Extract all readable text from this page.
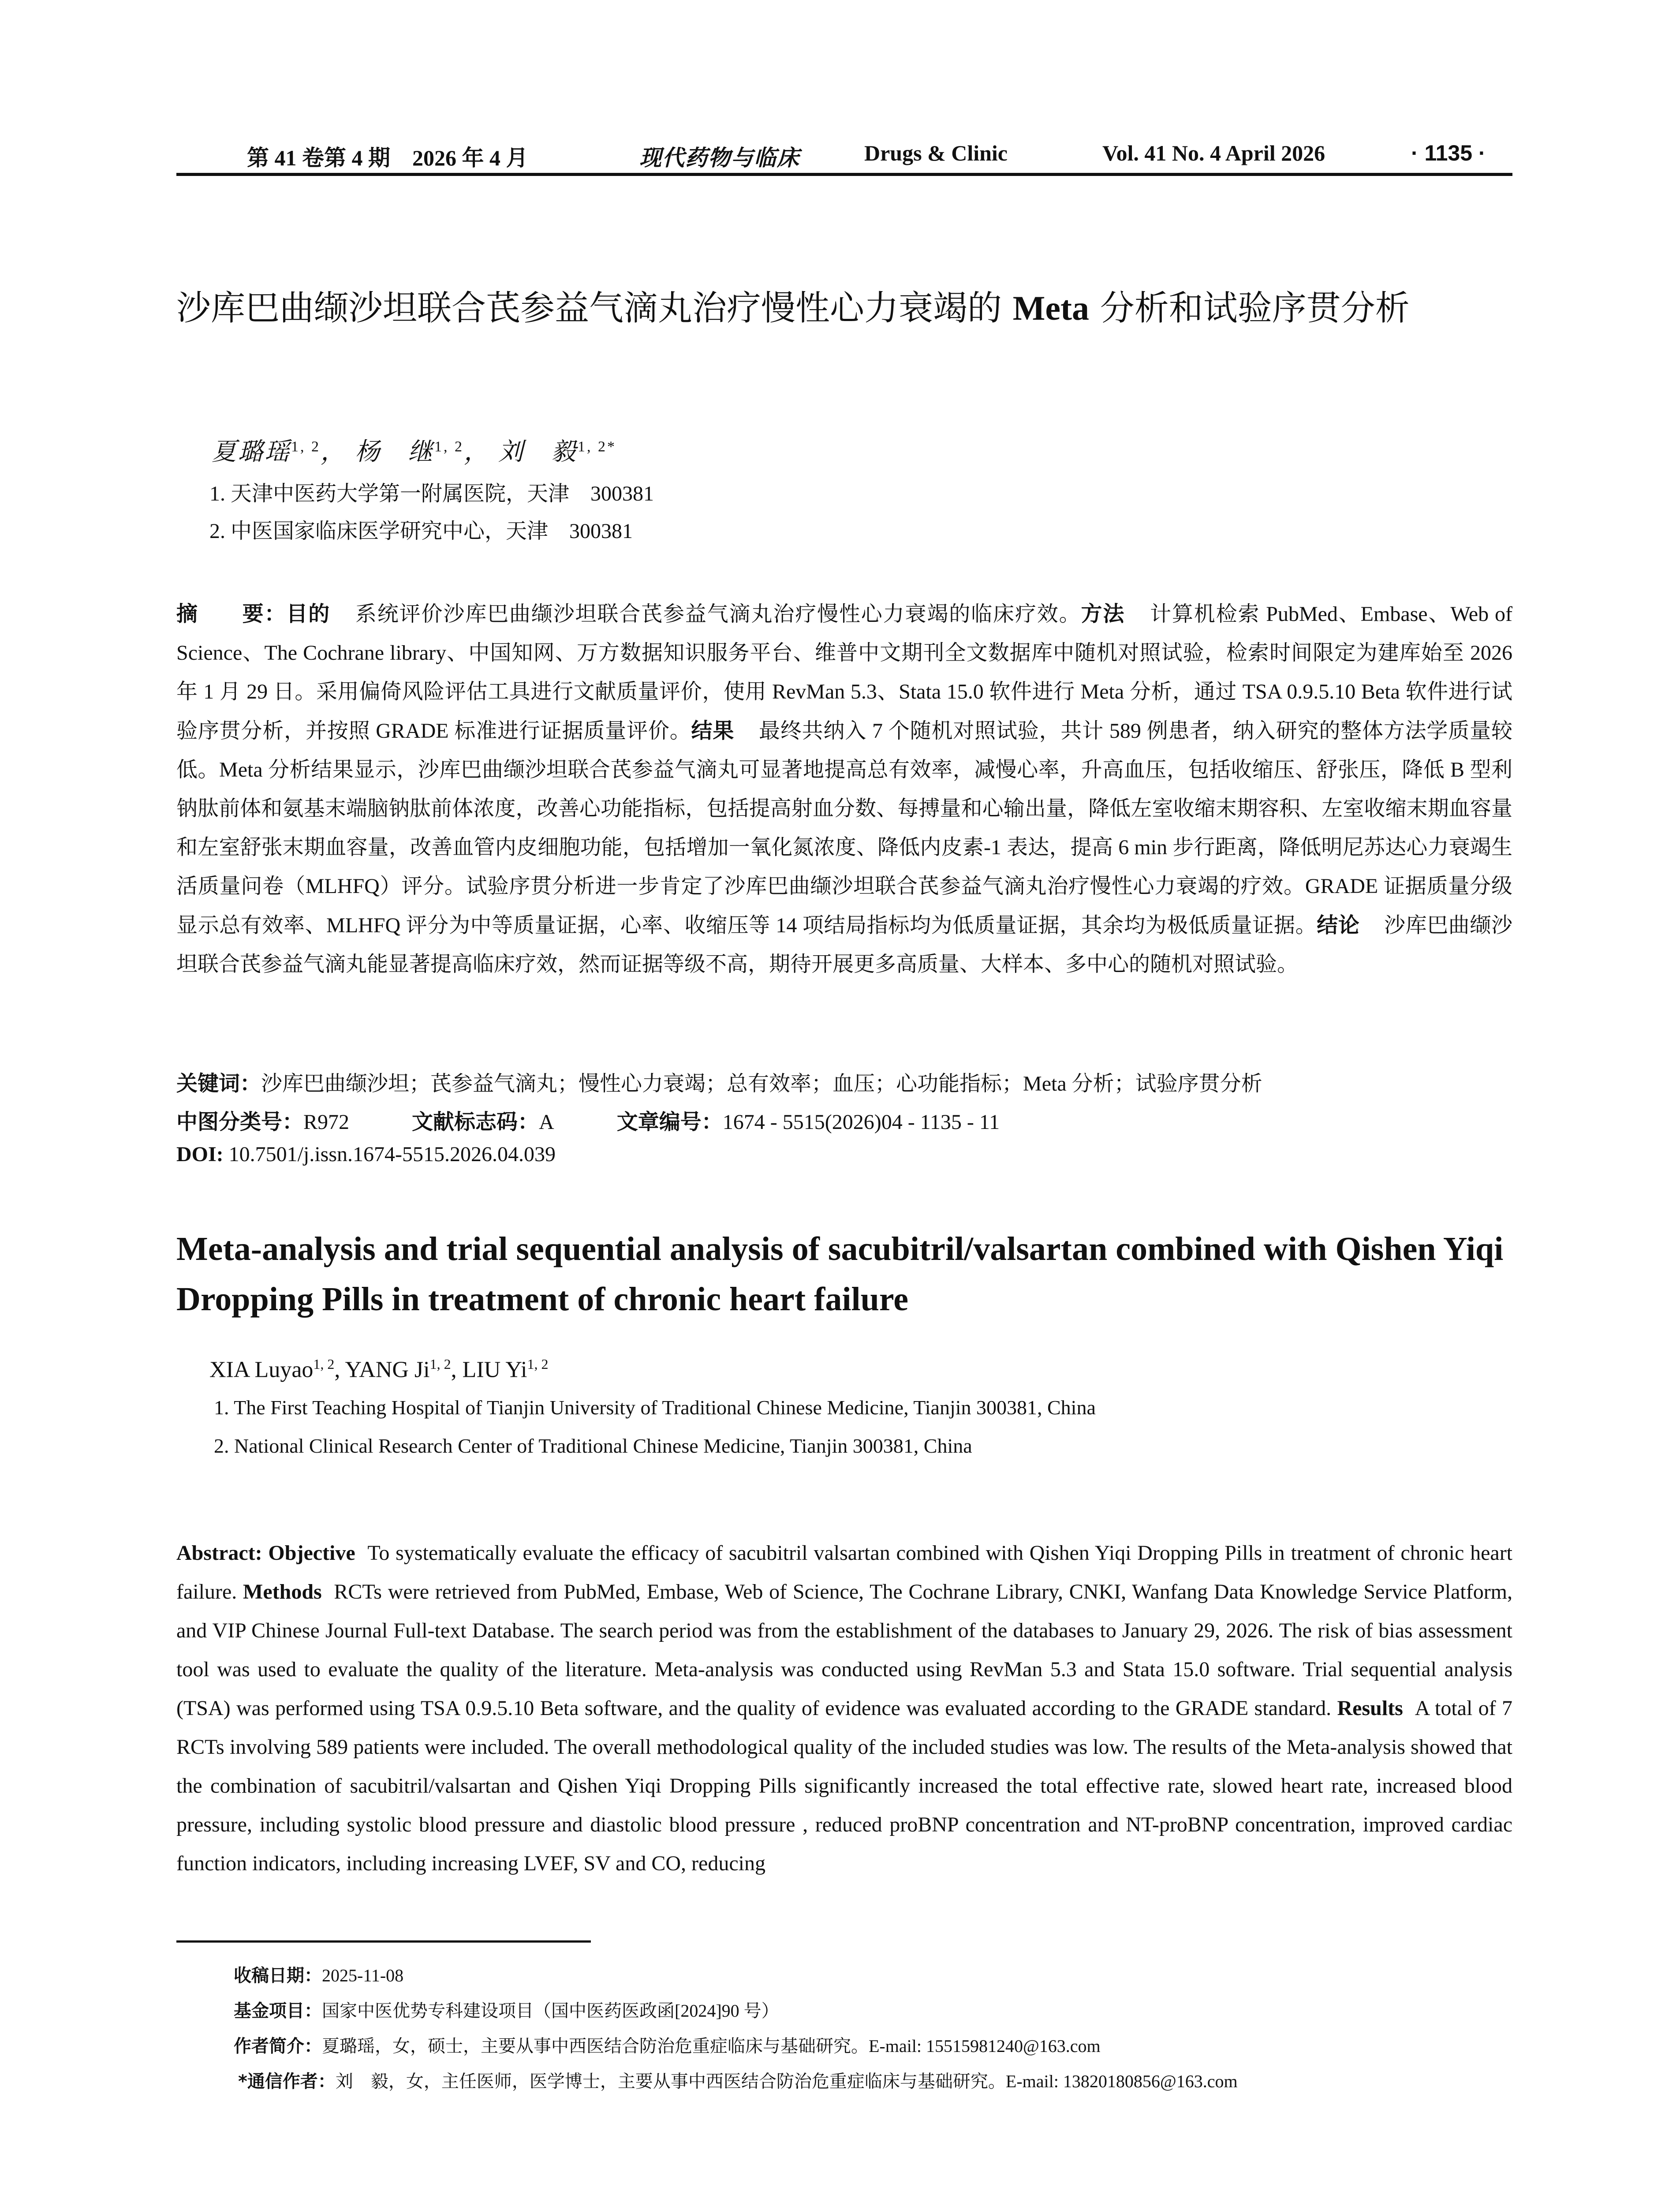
第 41 卷第 4 期　2026 年 4 月	现代药物与临床	Drugs & Clinic	Vol. 41 No. 4 April 2026	· 1135 ·
沙库巴曲缬沙坦联合芪参益气滴丸治疗慢性心力衰竭的 Meta 分析和试验序贯分析
夏璐瑶$^{1, 2}$， 杨　继$^{1, 2}$， 刘　毅$^{1, 2*}$
1. 天津中医药大学第一附属医院，天津　300381
2. 中医国家临床医学研究中心，天津　300381
摘　　要：目的 系统评价沙库巴曲缬沙坦联合芪参益气滴丸治疗慢性心力衰竭的临床疗效。方法 计算机检索 PubMed、Embase、Web of Science、The Cochrane library、中国知网、万方数据知识服务平台、维普中文期刊全文数据库中随机对照试验，检索时间限定为建库始至 2026 年 1 月 29 日。采用偏倚风险评估工具进行文献质量评价，使用 RevMan 5.3、Stata 15.0 软件进行 Meta 分析，通过 TSA 0.9.5.10 Beta 软件进行试验序贯分析，并按照 GRADE 标准进行证据质量评价。结果 最终共纳入 7 个随机对照试验，共计 589 例患者，纳入研究的整体方法学质量较低。Meta 分析结果显示，沙库巴曲缬沙坦联合芪参益气滴丸可显著地提高总有效率，减慢心率，升高血压，包括收缩压、舒张压，降低 B 型利钠肽前体和氨基末端脑钠肽前体浓度，改善心功能指标，包括提高射血分数、每搏量和心输出量，降低左室收缩末期容积、左室收缩末期血容量和左室舒张末期血容量，改善血管内皮细胞功能，包括增加一氧化氮浓度、降低内皮素-1 表达，提高 6 min 步行距离，降低明尼苏达心力衰竭生活质量问卷（MLHFQ）评分。试验序贯分析进一步肯定了沙库巴曲缬沙坦联合芪参益气滴丸治疗慢性心力衰竭的疗效。GRADE 证据质量分级显示总有效率、MLHFQ 评分为中等质量证据，心率、收缩压等 14 项结局指标均为低质量证据，其余均为极低质量证据。结论 沙库巴曲缬沙坦联合芪参益气滴丸能显著提高临床疗效，然而证据等级不高，期待开展更多高质量、大样本、多中心的随机对照试验。
关键词：沙库巴曲缬沙坦；芪参益气滴丸；慢性心力衰竭；总有效率；血压；心功能指标；Meta 分析；试验序贯分析
中图分类号：R972	文献标志码：A	文章编号：1674 - 5515(2026)04 - 1135 - 11
DOI: 10.7501/j.issn.1674-5515.2026.04.039
Meta-analysis and trial sequential analysis of sacubitril/valsartan combined with Qishen Yiqi Dropping Pills in treatment of chronic heart failure
XIA Luyao$^{1, 2}$, YANG Ji$^{1, 2}$, LIU Yi$^{1, 2}$
1. The First Teaching Hospital of Tianjin University of Traditional Chinese Medicine, Tianjin 300381, China
2. National Clinical Research Center of Traditional Chinese Medicine, Tianjin 300381, China
Abstract: Objective To systematically evaluate the efficacy of sacubitril valsartan combined with Qishen Yiqi Dropping Pills in treatment of chronic heart failure. Methods RCTs were retrieved from PubMed, Embase, Web of Science, The Cochrane Library, CNKI, Wanfang Data Knowledge Service Platform, and VIP Chinese Journal Full-text Database. The search period was from the establishment of the databases to January 29, 2026. The risk of bias assessment tool was used to evaluate the quality of the literature. Meta-analysis was conducted using RevMan 5.3 and Stata 15.0 software. Trial sequential analysis (TSA) was performed using TSA 0.9.5.10 Beta software, and the quality of evidence was evaluated according to the GRADE standard. Results A total of 7 RCTs involving 589 patients were included. The overall methodological quality of the included studies was low. The results of the Meta-analysis showed that the combination of sacubitril/valsartan and Qishen Yiqi Dropping Pills significantly increased the total effective rate, slowed heart rate, increased blood pressure, including systolic blood pressure and diastolic blood pressure , reduced proBNP concentration and NT-proBNP concentration, improved cardiac function indicators, including increasing LVEF, SV and CO, reducing
收稿日期：2025-11-08
基金项目：国家中医优势专科建设项目（国中医药医政函[2024]90 号）
作者简介：夏璐瑶，女，硕士，主要从事中西医结合防治危重症临床与基础研究。E-mail: 15515981240@163.com
*通信作者：刘　毅，女，主任医师，医学博士，主要从事中西医结合防治危重症临床与基础研究。E-mail: 13820180856@163.com
